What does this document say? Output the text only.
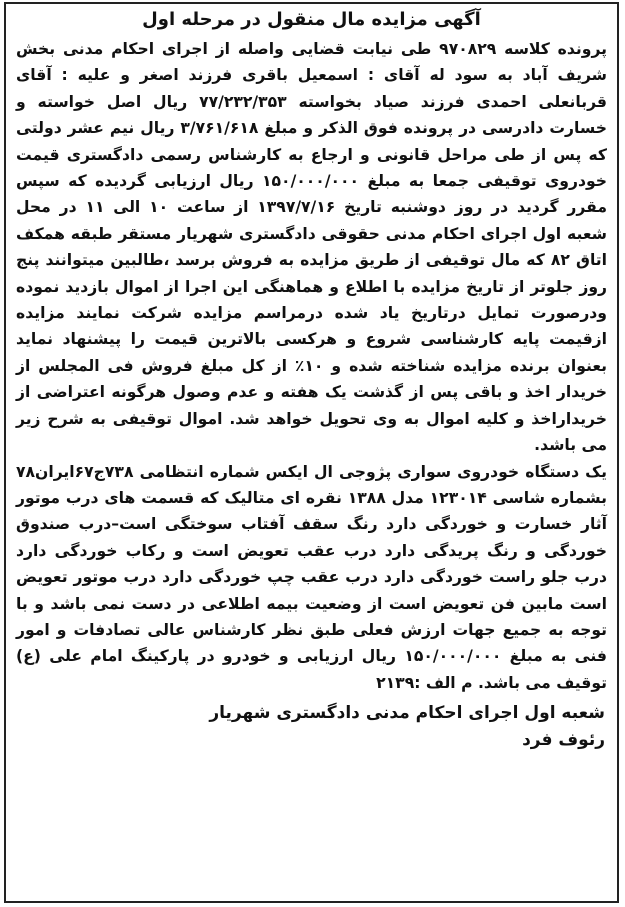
آگهی مزایده مال منقول در مرحله اول

پرونده کلاسه ۹۷۰۸۲۹ طی نیابت قضایی واصله از اجرای احکام مدنی بخش شریف آباد به سود له آقای : اسمعیل باقری فرزند اصغر و علیه : آقای قربانعلی احمدی فرزند صیاد بخواسته ۷۷/۲۳۲/۳۵۳ ریال اصل خواسته و خسارت دادرسی در پرونده فوق الذکر و مبلغ ۳/۷۶۱/۶۱۸ ریال نیم عشر دولتی که پس از طی مراحل قانونی و ارجاع به کارشناس رسمی دادگستری قیمت خودروی توقیفی جمعا به مبلغ ۱۵۰/۰۰۰/۰۰۰ ریال ارزیابی گردیده که سپس مقرر گردید در روز دوشنبه تاریخ ۱۳۹۷/۷/۱۶ از ساعت ۱۰ الی ۱۱ در محل شعبه اول اجرای احکام مدنی حقوقی دادگستری شهریار مستقر طبقه همکف اتاق ۸۲ که مال توقیفی از طریق مزایده به فروش برسد ،طالبین میتوانند پنج روز جلوتر از تاریخ مزایده با اطلاع و هماهنگی این اجرا از اموال بازدید نموده ودرصورت تمایل درتاریخ یاد شده درمراسم مزایده شرکت نمایند مزایده ازقیمت پایه کارشناسی شروع و هرکسی بالاترین قیمت را پیشنهاد نماید بعنوان برنده مزایده شناخته شده و ۱۰٪ از کل مبلغ فروش فی المجلس از خریدار اخذ و باقی پس از گذشت یک هفته و عدم وصول هرگونه اعتراضی از خریداراخذ و کلیه اموال به وی تحویل خواهد شد. اموال توقیفی به شرح زیر می باشد.

یک دستگاه خودروی سواری پژوجی ال ایکس شماره انتظامی ۷۳۸ج۶۷ایران۷۸ بشماره شاسی ۱۲۳۰۱۴ مدل ۱۳۸۸ نقره ای متالیک که قسمت های درب موتور آثار خسارت و خوردگی دارد رنگ سقف آفتاب سوختگی است–درب صندوق خوردگی و رنگ پریدگی دارد درب عقب تعویض است و رکاب خوردگی دارد درب جلو راست خوردگی دارد درب عقب چپ خوردگی دارد درب موتور تعویض است مابین فن تعویض است از وضعیت بیمه اطلاعی در دست نمی باشد و با توجه به جمیع جهات ارزش فعلی طبق نظر کارشناس عالی تصادفات و امور فنی به مبلغ ۱۵۰/۰۰۰/۰۰۰ ریال ارزیابی و خودرو در پارکینگ امام علی (ع) توقیف می باشد. م الف :۲۱۳۹

شعبه اول اجرای احکام مدنی دادگستری شهریار
رئوف فرد
